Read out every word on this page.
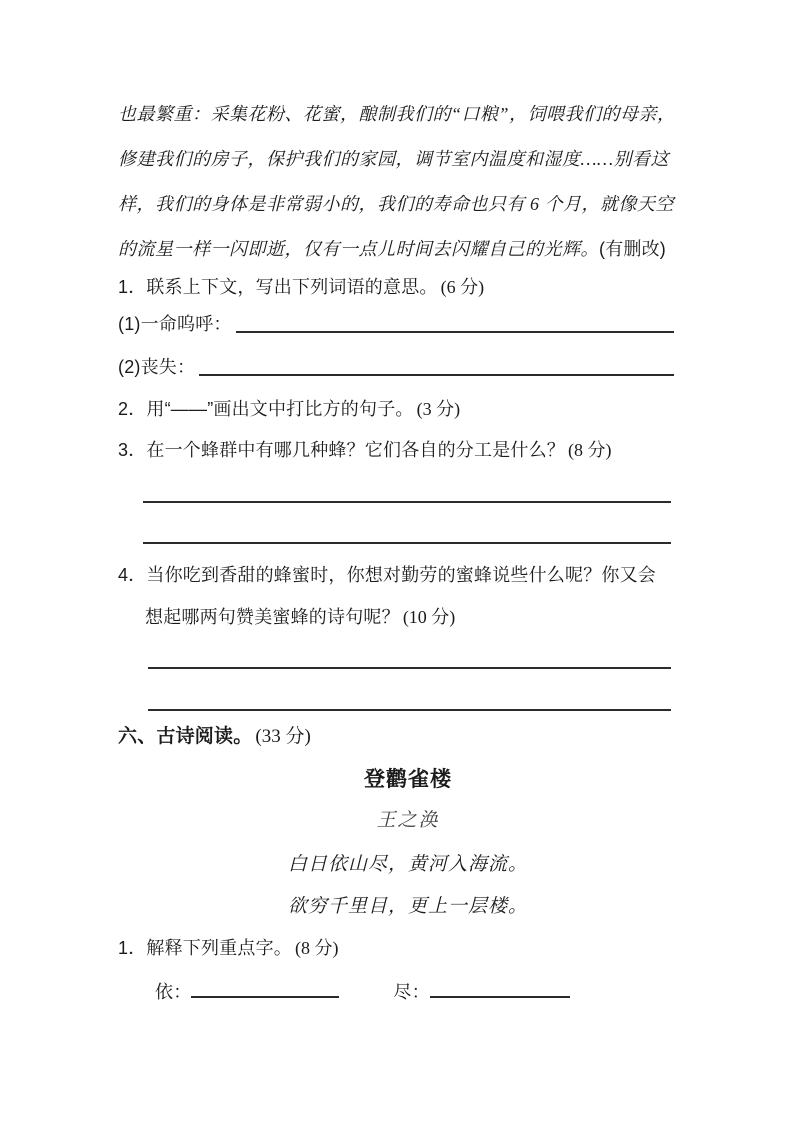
也最繁重：采集花粉、花蜜，酿制我们的“口粮”，饲喂我们的母亲，
修建我们的房子，保护我们的家园，调节室内温度和湿度……别看这
样，我们的身体是非常弱小的，我们的寿命也只有 6 个月，就像天空
的流星一样一闪即逝，仅有一点儿时间去闪耀自己的光辉。(有删改)
1．联系上下文，写出下列词语的意思。 (6 分)
(1)一命呜呼：
(2)丧失：
2．用“——”画出文中打比方的句子。 (3 分)
3．在一个蜂群中有哪几种蜂？它们各自的分工是什么？ (8 分)
4．当你吃到香甜的蜂蜜时，你想对勤劳的蜜蜂说些什么呢？你又会
想起哪两句赞美蜜蜂的诗句呢？ (10 分)
六、古诗阅读。 (33 分)
登鹳雀楼
王之涣
白日依山尽，黄河入海流。
欲穷千里目，更上一层楼。
1．解释下列重点字。 (8 分)
依：	尽：
